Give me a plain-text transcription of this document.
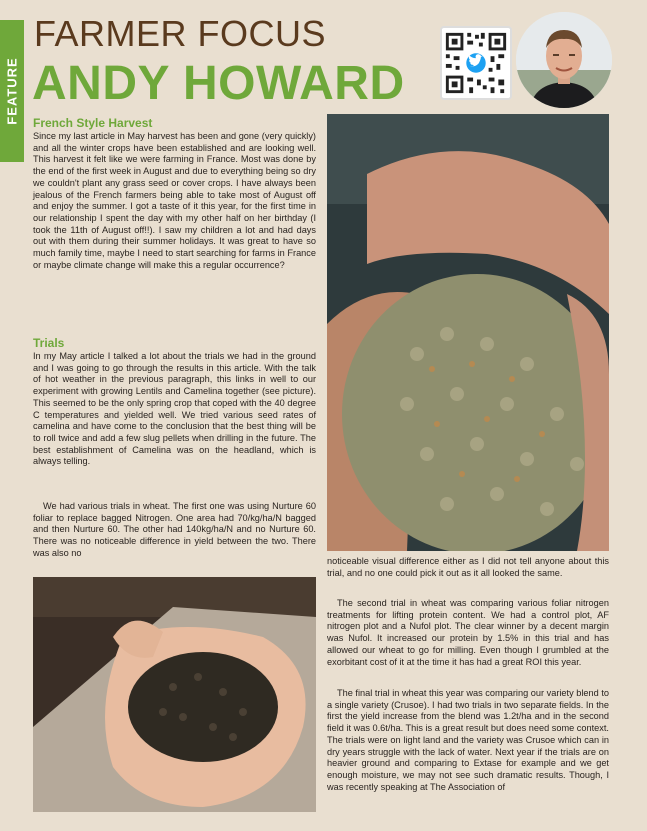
FEATURE
FARMER FOCUS
ANDY HOWARD
French Style Harvest

Since my last article in May harvest has been and gone (very quickly) and all the winter crops have been established and are looking well. This harvest it felt like we were farming in France. Most was done by the end of the first week in August and due to everything being so dry we couldn't plant any grass seed or cover crops. I have always been jealous of the French farmers being able to take most of August off and enjoy the summer. I got a taste of it this year, for the first time in our relationship I spent the day with my other half on her birthday (I took the 11th of August off!!). I saw my children a lot and had days out with them during their summer holidays. It was great to have so much family time, maybe I need to start searching for farms in France or maybe climate change will make this a regular occurrence?

Trials

In my May article I talked a lot about the trials we had in the ground and I was going to go through the results in this article. With the talk of hot weather in the previous paragraph, this links in well to our experiment with growing Lentils and Camelina together (see picture). This seemed to be the only spring crop that coped with the 40 degree C temperatures and yielded well. We tried various seed rates of camelina and have come to the conclusion that the best thing will be to roll twice and add a few slug pellets when drilling in the future. The best establishment of Camelina was on the headland, which is always telling.

We had various trials in wheat. The first one was using Nurture 60 foliar to replace bagged Nitrogen. One area had 70/kg/ha/N bagged and then Nurture 60. The other had 140kg/ha/N and no Nurture 60. There was no noticeable difference in yield between the two. There was also no

noticeable visual difference either as I did not tell anyone about this trial, and no one could pick it out as it all looked the same.

The second trial in wheat was comparing various foliar nitrogen treatments for lifting protein content. We had a control plot, AF nitrogen plot and a Nufol plot. The clear winner by a decent margin was Nufol. It increased our protein by 1.5% in this trial and has allowed our wheat to go for milling. Even though I grumbled at the exorbitant cost of it at the time it has had a great ROI this year.

The final trial in wheat this year was comparing our variety blend to a single variety (Crusoe). I had two trials in two separate fields. In the first the yield increase from the blend was 1.2t/ha and in the second field it was 0.6t/ha. This is a great result but does need some context. The trials were on light land and the variety was Crusoe which can in dry years struggle with the lack of water. Next year if the trials are on heavier ground and comparing to Extase for example and we get enough moisture, we may not see such dramatic results. Though, I was recently speaking at The Association of
